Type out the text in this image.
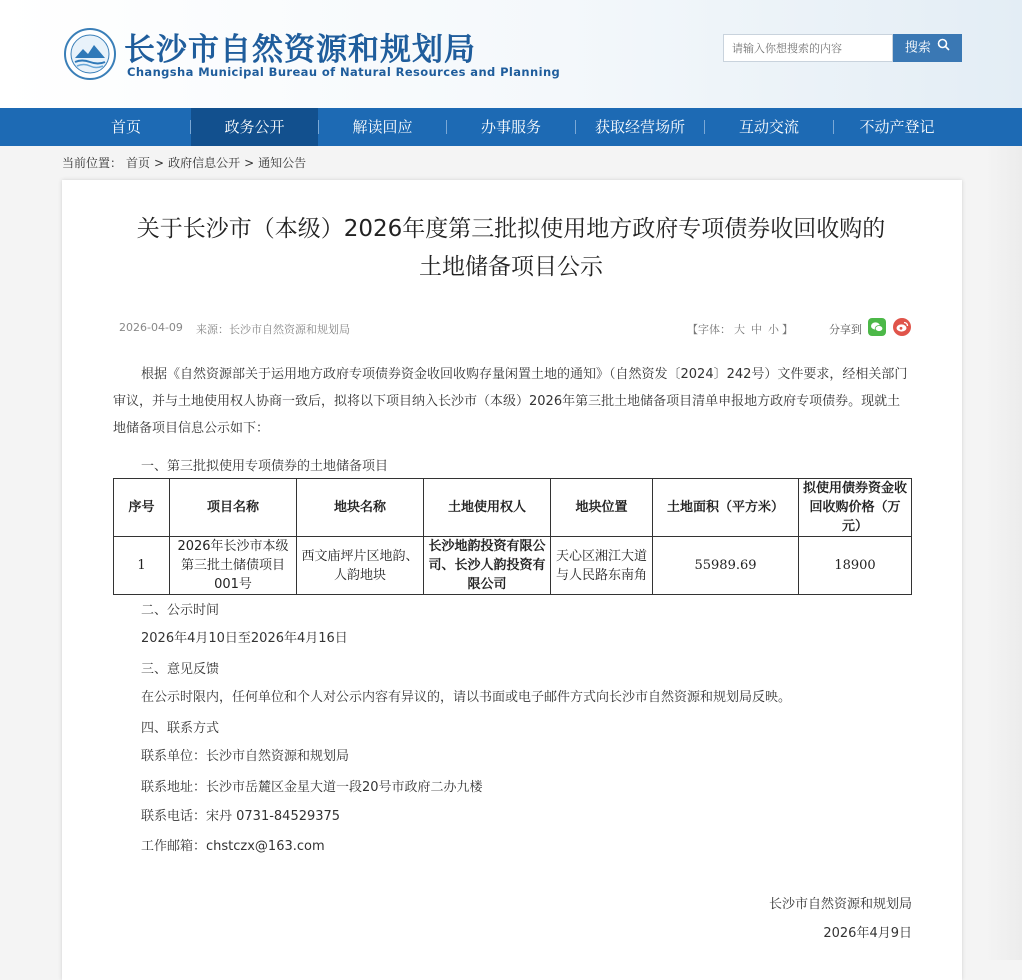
长沙市自然资源和规划局
Changsha Municipal Bureau of Natural Resources and Planning
请输入你想搜索的内容
搜索
首页	政务公开	解读回应	办事服务	获取经营场所	互动交流	不动产登记
当前位置： 首页 > 政府信息公开 > 通知公告
关于长沙市（本级）2026年度第三批拟使用地方政府专项债券收回收购的
土地储备项目公示
2026-04-09 来源：长沙市自然资源和规划局	【字体： 大 中 小 】	分享到
根据《自然资源部关于运用地方政府专项债券资金收回收购存量闲置土地的通知》（自然资发〔2024〕242号）文件要求，经相关部门审议，并与土地使用权人协商一致后，拟将以下项目纳入长沙市（本级）2026年第三批土地储备项目清单申报地方政府专项债券。现就土地储备项目信息公示如下：
一、第三批拟使用专项债券的土地储备项目
序号	项目名称	地块名称	土地使用权人	地块位置	土地面积（平方米）	拟使用债券资金收回收购价格（万元）
1	2026年长沙市本级第三批土储债项目001号	西文庙坪片区地韵、人韵地块	长沙地韵投资有限公司、长沙人韵投资有限公司	天心区湘江大道与人民路东南角	55989.69	18900
二、公示时间
2026年4月10日至2026年4月16日
三、意见反馈
在公示时限内，任何单位和个人对公示内容有异议的，请以书面或电子邮件方式向长沙市自然资源和规划局反映。
四、联系方式
联系单位：长沙市自然资源和规划局
联系地址：长沙市岳麓区金星大道一段20号市政府二办九楼
联系电话：宋丹 0731-84529375
工作邮箱：chstczx@163.com
长沙市自然资源和规划局
2026年4月9日
